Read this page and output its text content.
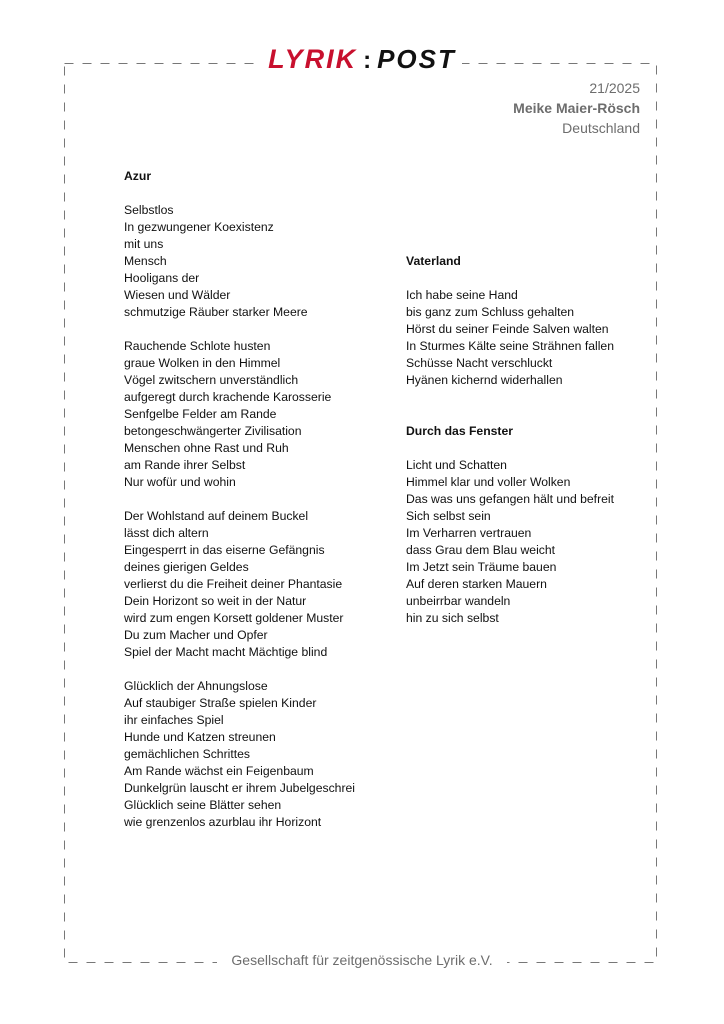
LYRIK : POST
21/2025
Meike Maier-Rösch
Deutschland
Azur
Selbstlos
In gezwungener Koexistenz
mit uns
Mensch
Hooligans der
Wiesen und Wälder
schmutzige Räuber starker Meere
Rauchende Schlote husten
graue Wolken in den Himmel
Vögel zwitschern unverständlich
aufgeregt durch krachende Karosserie
Senfgelbe Felder am Rande
betongeschwängerter Zivilisation
Menschen ohne Rast und Ruh
am Rande ihrer Selbst
Nur wofür und wohin
Der Wohlstand auf deinem Buckel
lässt dich altern
Eingesperrt in das eiserne Gefängnis
deines gierigen Geldes
verlierst du die Freiheit deiner Phantasie
Dein Horizont so weit in der Natur
wird zum engen Korsett goldener Muster
Du zum Macher und Opfer
Spiel der Macht macht Mächtige blind
Glücklich der Ahnungslose
Auf staubiger Straße spielen Kinder
ihr einfaches Spiel
Hunde und Katzen streunen
gemächlichen Schrittes
Am Rande wächst ein Feigenbaum
Dunkelgrün lauscht er ihrem Jubelgeschrei
Glücklich seine Blätter sehen
wie grenzenlos azurblau ihr Horizont
Vaterland
Ich habe seine Hand
bis ganz zum Schluss gehalten
Hörst du seiner Feinde Salven walten
In Sturmes Kälte seine Strähnen fallen
Schüsse Nacht verschluckt
Hyänen kichernd widerhallen
Durch das Fenster
Licht und Schatten
Himmel klar und voller Wolken
Das was uns gefangen hält und befreit
Sich selbst sein
Im Verharren vertrauen
dass Grau dem Blau weicht
Im Jetzt sein Träume bauen
Auf deren starken Mauern
unbeirrbar wandeln
hin zu sich selbst
Gesellschaft für zeitgenössische Lyrik e.V.
